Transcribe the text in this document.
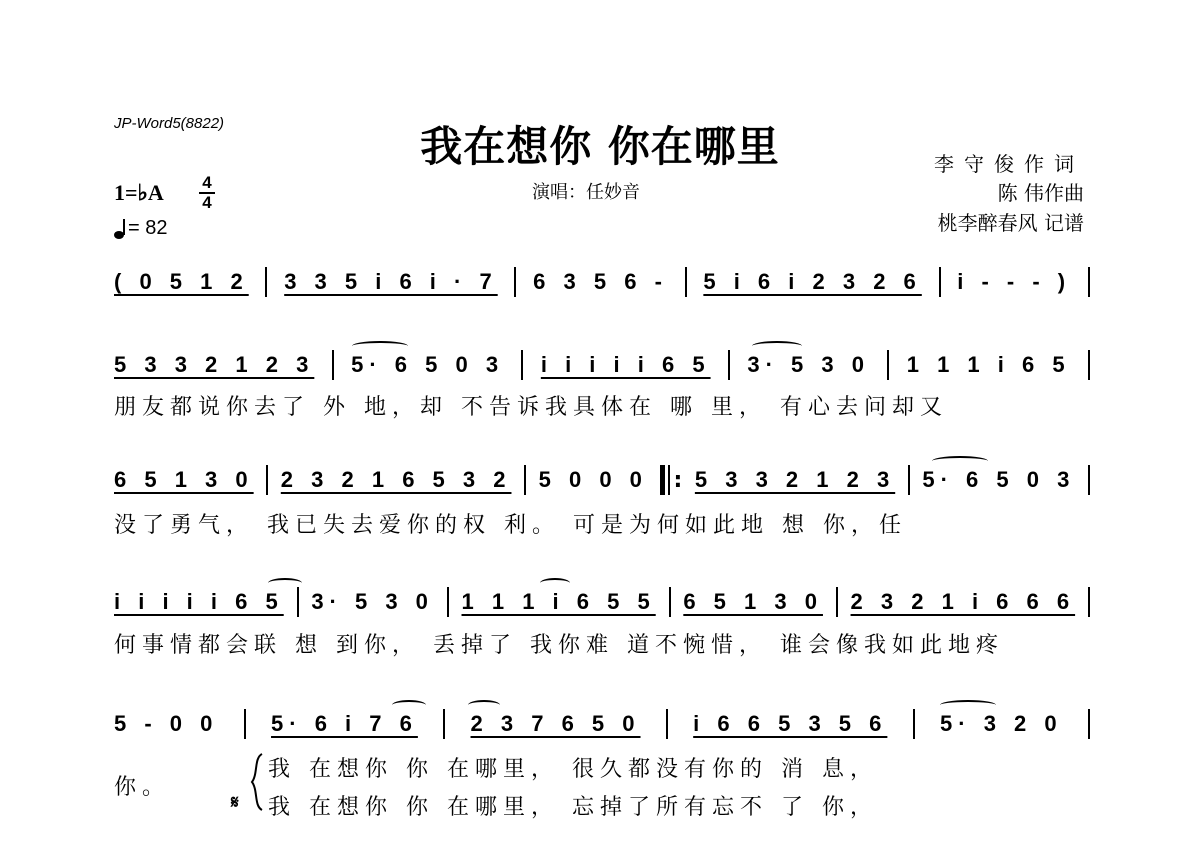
JP-Word5(8822)	我在想你 你在哪里
演唱：任妙音
李守俊作词
陈 伟作曲
桃李醉春风 记谱
1=♭A 4
4
= 82
( 0 5 1 2 3 3 5 i 6 i · 7 6 3 5 6 - 5 i 6 i 2 3 2 6 i - - - )
5 3 3 2 1 2 3 5· 6 5 0 3 i i i i i 6 5 3· 5 3 0 1 1 1 i 6 5
朋友都说你去了 外 地，却 不告诉我具体在 哪 里， 有心去问却又
6 5 1 3 0 2 3 2 1 6 5 3 2 5 0 0 0 : 5 3 3 2 1 2 3 5· 6 5 0 3
没了勇气， 我已失去爱你的权 利。 可是为何如此地 想 你，任
i i i i i 6 5 3· 5 3 0 1 1 1 i 6 5 5 6 5 1 3 0 2 3 2 1 i 6 6 6
何事情都会联 想 到你， 丢掉了 我你难 道不惋惜， 谁会像我如此地疼
5 - 0 0 5· 6 i 7 6 2 3 7 6 5 0 i 6 6 5 3 5 6 5· 3 2 0
你。
𝄋
我 在想你 你 在哪里， 很久都没有你的 消 息，
我 在想你 你 在哪里， 忘掉了所有忘不 了 你，
